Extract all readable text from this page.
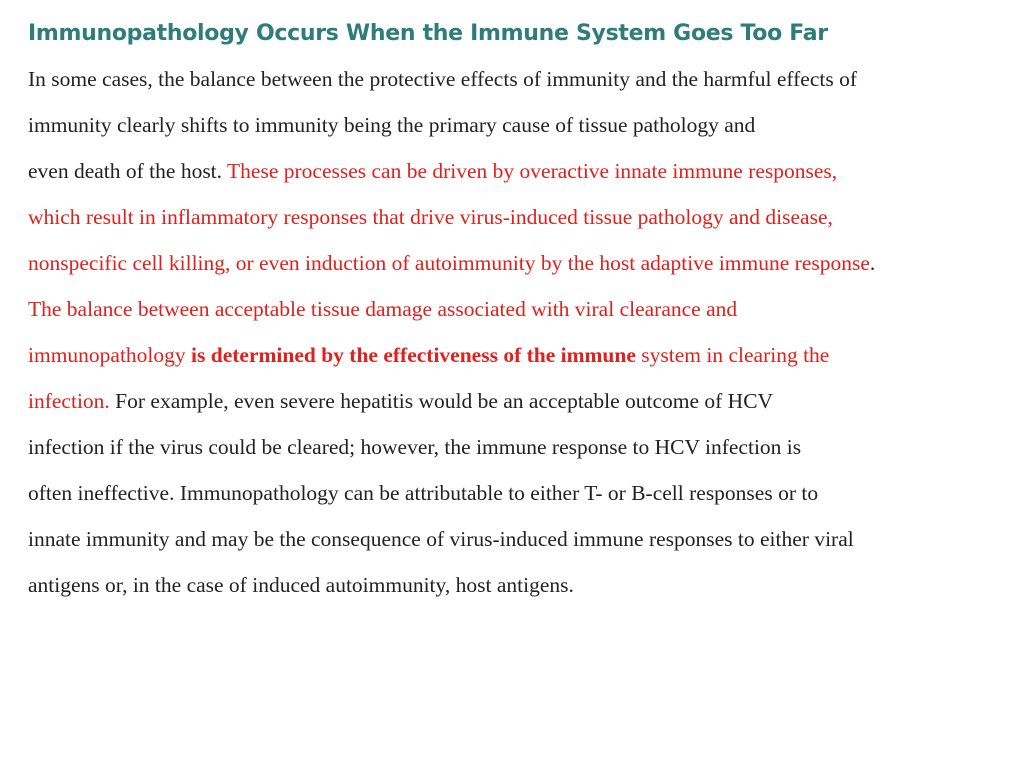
Immunopathology Occurs When the Immune System Goes Too Far
In some cases, the balance between the protective effects of immunity and the harmful effects of
immunity clearly shifts to immunity being the primary cause of tissue pathology and
even death of the host. These processes can be driven by overactive innate immune responses,
which result in inflammatory responses that drive virus-induced tissue pathology and disease,
nonspecific cell killing, or even induction of autoimmunity by the host adaptive immune response.
The balance between acceptable tissue damage associated with viral clearance and
immunopathology is determined by the effectiveness of the immune system in clearing the
infection. For example, even severe hepatitis would be an acceptable outcome of HCV
infection if the virus could be cleared; however, the immune response to HCV infection is
often ineffective. Immunopathology can be attributable to either T- or B-cell responses or to
innate immunity and may be the consequence of virus-induced immune responses to either viral
antigens or, in the case of induced autoimmunity, host antigens.
